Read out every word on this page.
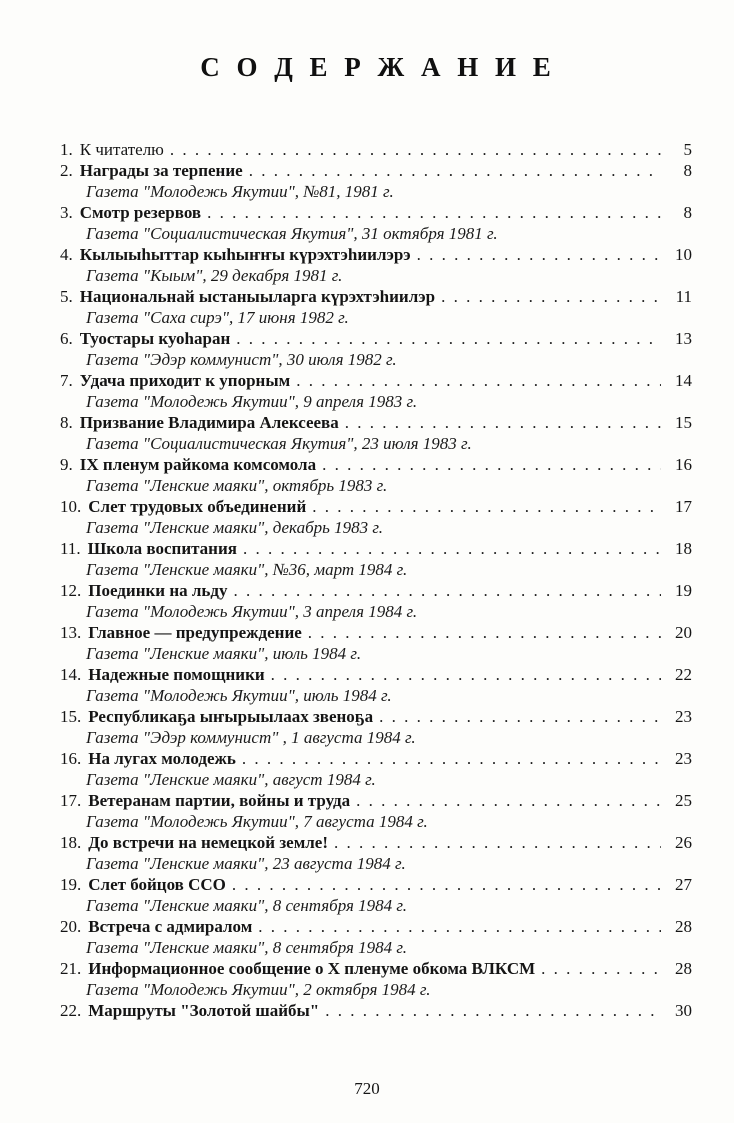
С О Д Е Р Ж А Н И Е
1. К читателю . . .	5
2. Награды за терпение . . .	8
Газета "Молодежь Якутии", №81, 1981 г.
3. Смотр резервов . . .	8
Газета "Социалистическая Якутия", 31 октября 1981 г.
4. Кылыыһыттар кыһыҥҥы күрэхтэһиилэрэ . . .	10
Газета "Кыым", 29 декабря 1981 г.
5. Национальнай ыстаныыларга күрэхтэһиилэр . . .	11
Газета "Саха сирэ", 17 июня 1982 г.
6. Туостары куоһаран . . .	13
Газета "Эдэр коммунист", 30 июля 1982 г.
7. Удача приходит к упорным . . .	14
Газета "Молодежь Якутии", 9 апреля 1983 г.
8. Призвание Владимира Алексеева . . .	15
Газета "Социалистическая Якутия", 23 июля 1983 г.
9. IX пленум райкома комсомола . . .	16
Газета "Ленские маяки", октябрь 1983 г.
10. Слет трудовых объединений . . .	17
Газета "Ленские маяки", декабрь 1983 г.
11. Школа воспитания . . .	18
Газета "Ленские маяки", №36, март 1984 г.
12. Поединки на льду . . .	19
Газета "Молодежь Якутии", 3 апреля 1984 г.
13. Главное — предупреждение . . .	20
Газета "Ленские маяки", июль 1984 г.
14. Надежные помощники . . .	22
Газета "Молодежь Якутии", июль 1984 г.
15. Республикаҕа ыҥырыылаах звеноҕа . . .	23
Газета "Эдэр коммунист" , 1 августа 1984 г.
16. На лугах молодежь . . .	23
Газета "Ленские маяки", август 1984 г.
17. Ветеранам партии, войны и труда . . .	25
Газета "Молодежь Якутии", 7 августа 1984 г.
18. До встречи на немецкой земле! . . .	26
Газета "Ленские маяки", 23 августа 1984 г.
19. Слет бойцов ССО . . .	27
Газета "Ленские маяки", 8 сентября 1984 г.
20. Встреча с адмиралом . . .	28
Газета "Ленские маяки", 8 сентября 1984 г.
21. Информационное сообщение о X пленуме обкома ВЛКСМ . . .	28
Газета "Молодежь Якутии", 2 октября 1984 г.
22. Маршруты "Золотой шайбы" . . .	30
720
